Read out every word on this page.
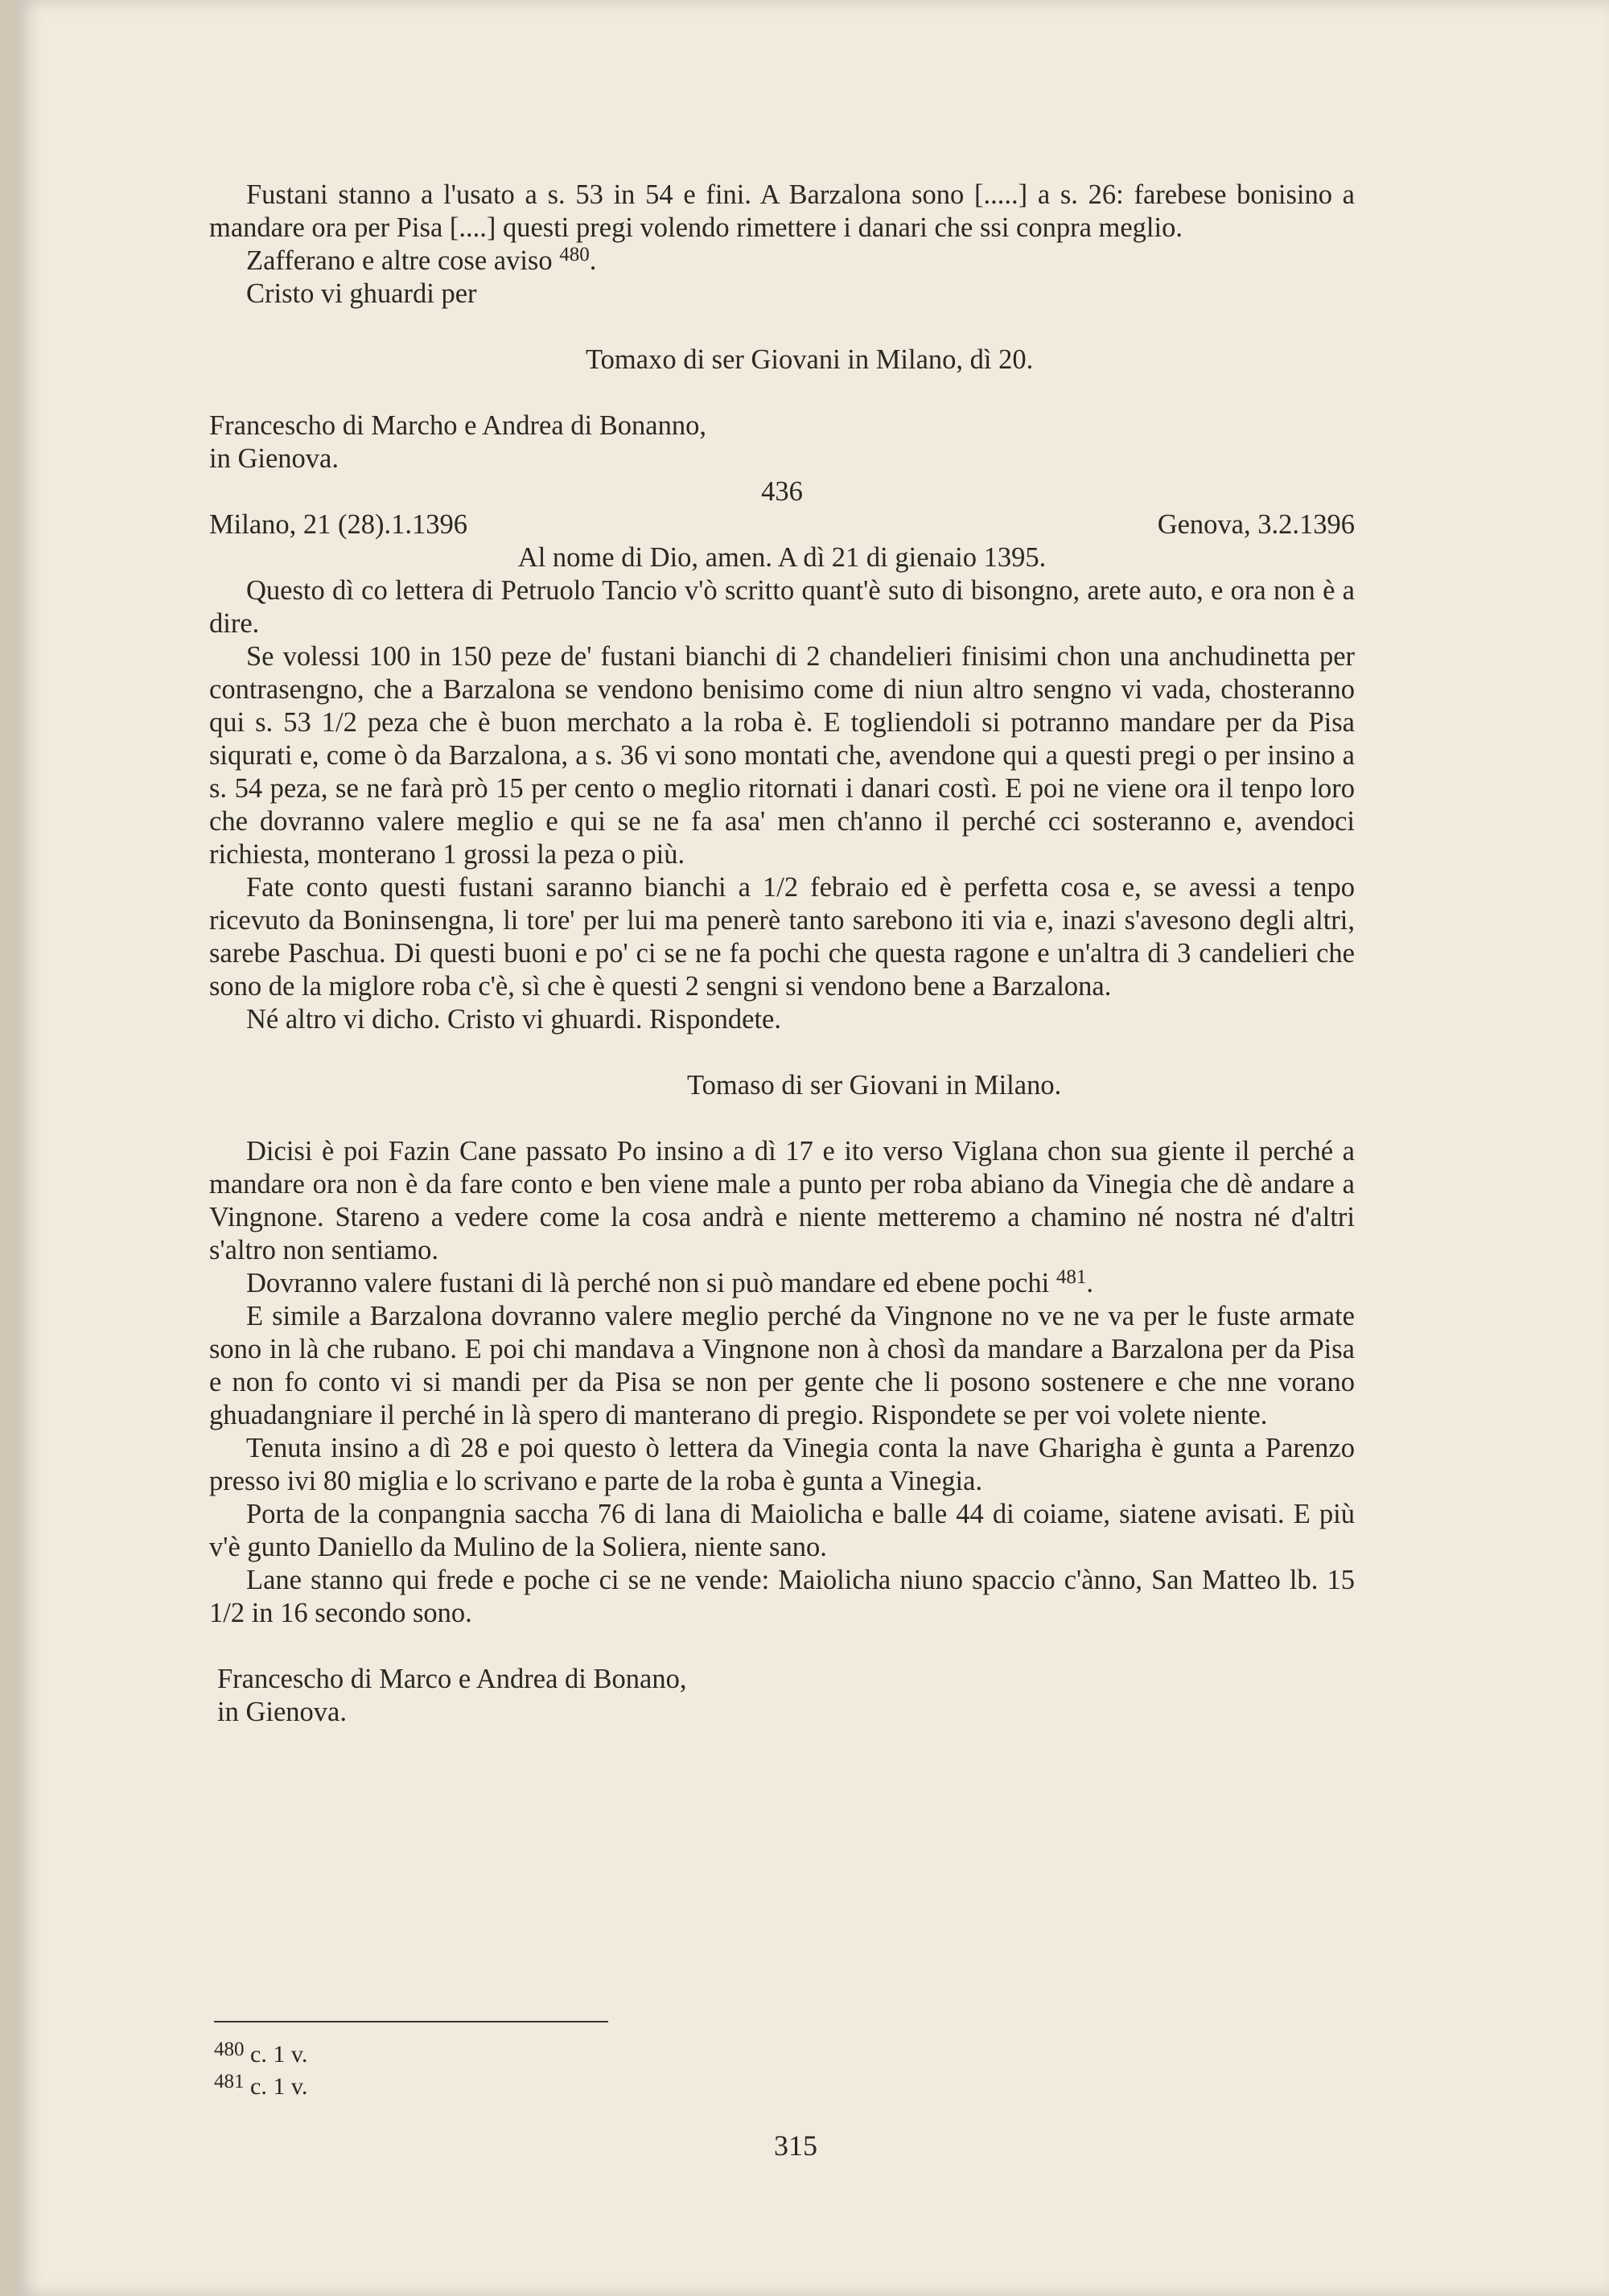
Fustani stanno a l'usato a s. 53 in 54 e fini. A Barzalona sono [.....] a s. 26: farebese bonisino a mandare ora per Pisa [....] questi pregi volendo rimettere i danari che ssi conpra meglio.

Zafferano e altre cose aviso $^{480}$.

Cristo vi ghuardi per

Tomaxo di ser Giovani in Milano, dì 20.

Francescho di Marcho e Andrea di Bonanno,

in Gienova.

436

Milano, 21 (28).1.1396	Genova, 3.2.1396

Al nome di Dio, amen. A dì 21 di gienaio 1395.

Questo dì co lettera di Petruolo Tancio v'ò scritto quant'è suto di bisongno, arete auto, e ora non è a dire.

Se volessi 100 in 150 peze de' fustani bianchi di 2 chandelieri finisimi chon una anchudinetta per contrasengno, che a Barzalona se vendono benisimo come di niun altro sengno vi vada, chosteranno qui s. 53 1/2 peza che è buon merchato a la roba è. E togliendoli si potranno mandare per da Pisa siqurati e, come ò da Barzalona, a s. 36 vi sono montati che, avendone qui a questi pregi o per insino a s. 54 peza, se ne farà prò 15 per cento o meglio ritornati i danari costì. E poi ne viene ora il tenpo loro che dovranno valere meglio e qui se ne fa asa' men ch'anno il perché cci sosteranno e, avendoci richiesta, monterano 1 grossi la peza o più.

Fate conto questi fustani saranno bianchi a 1/2 febraio ed è perfetta cosa e, se avessi a tenpo ricevuto da Boninsengna, li tore' per lui ma penerè tanto sarebono iti via e, inazi s'avesono degli altri, sarebe Paschua. Di questi buoni e po' ci se ne fa pochi che questa ragone e un'altra di 3 candelieri che sono de la miglore roba c'è, sì che è questi 2 sengni si vendono bene a Barzalona.

Né altro vi dicho. Cristo vi ghuardi. Rispondete.

Tomaso di ser Giovani in Milano.

Dicisi è poi Fazin Cane passato Po insino a dì 17 e ito verso Viglana chon sua giente il perché a mandare ora non è da fare conto e ben viene male a punto per roba abiano da Vinegia che dè andare a Vingnone. Stareno a vedere come la cosa andrà e niente metteremo a chamino né nostra né d'altri s'altro non sentiamo.

Dovranno valere fustani di là perché non si può mandare ed ebene pochi $^{481}$.

E simile a Barzalona dovranno valere meglio perché da Vingnone no ve ne va per le fuste armate sono in là che rubano. E poi chi mandava a Vingnone non à chosì da mandare a Barzalona per da Pisa e non fo conto vi si mandi per da Pisa se non per gente che li posono sostenere e che nne vorano ghuadangniare il perché in là spero di manterano di pregio. Rispondete se per voi volete niente.

Tenuta insino a dì 28 e poi questo ò lettera da Vinegia conta la nave Gharigha è gunta a Parenzo presso ivi 80 miglia e lo scrivano e parte de la roba è gunta a Vinegia.

Porta de la conpangnia saccha 76 di lana di Maiolicha e balle 44 di coiame, siatene avisati. E più v'è gunto Daniello da Mulino de la Soliera, niente sano.

Lane stanno qui frede e poche ci se ne vende: Maiolicha niuno spaccio c'ànno, San Matteo lb. 15 1/2 in 16 secondo sono.

Francescho di Marco e Andrea di Bonano,

in Gienova.

$^{480}$ c. 1 v.
$^{481}$ c. 1 v.
315
